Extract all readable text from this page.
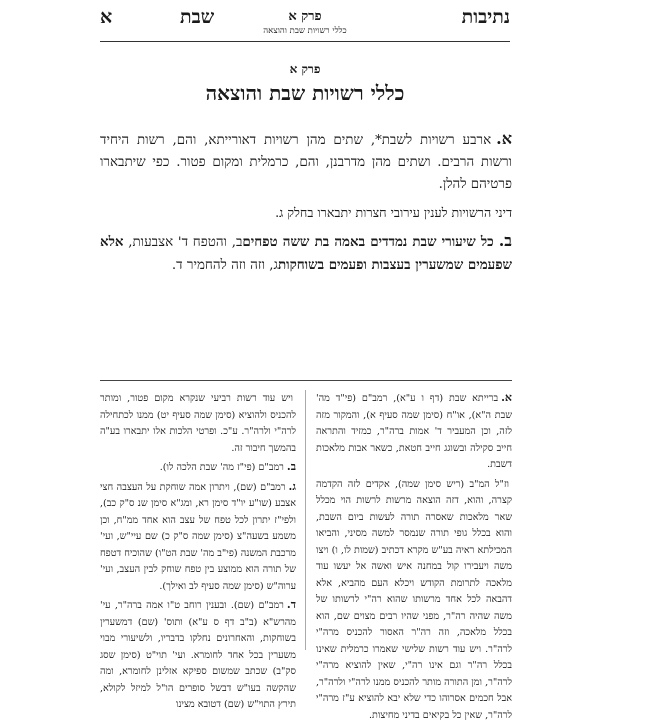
נתיבות
פרק א
כללי רשויות שבת והוצאה
שבת
א
פרק א
כללי רשויות שבת והוצאה

א.ארבע רשויות לשבת*, שתים מהן רשויות דאורייתא, והם, רשות היחיד ורשות הרבים. ושתים מהן מדרבנן, והם, כרמלית ומקום פטור. כפי שיתבארו פרטיהם להלן.

דיני הרשויות לענין עירובי חצרות יתבארו בחלק ג.

ב.כל שיעורי שבת נמדדים באמה בת ששה טפחיםב, והטפח ד' אצבעות, אלא שפעמים שמשערין בעצבות ופעמים בשוחקותג, וזה וזה להחמיר ד.

א.ברייתא שבת (דף ו ע"א), רמב"ם (פי"ד מה' שבת ה"א), או"ח (סימן שמה סעיף א), והמקור מזה לזה, וכן המעביר ד' אמות ברה"ר, כמזיד והתראה חייב סקילה ובשוגג חייב חטאת, כשאר אבות מלאכות דשבת.

וז"ל המ"ב (ריש סימן שמה), אקדים לזה הקדמה קצרה, והוא, דזה הוצאה מרשות לרשות הוי מכלל שאר מלאכות שאסרה תורה לעשות ביום השבת, והוא בכלל גופי תורה שנמסר למשה מסיני, והביאו המכילתא ראיה בע"ש מקרא דכתיב (שמות לו, ו) ויצו משה ויעבירו קול במחנה איש ואשה אל יעשו עוד מלאכה לתרומת הקודש ויכלא העם מהביא, אלא דהבאה לכל אחד מרשותו שהוא רה"י לרשותו של משה שהיה רה"ר, מפני שהיו רבים מצוים שם, הוא בכלל מלאכה, וזה רה"ר האסור להכניס מרה"י לרה"ר. ויש עוד רשות שלישי שאמרו כרמלית שאינו בכלל רה"ר וגם אינו רה"י, שאין להוציא מרה"י לרה"ר, ומן התורה מותר להכניס ממנו לרה"י ולרה"ר, אבל חכמים אסרוהו כדי שלא יבא להוציא ע"ז מרה"י לרה"ר, שאין כל בקיאים בדיני מחיצות.

ויש עוד רשות רביעי שנקרא מקום פטור, ומותר להכניס ולהוציא (סימן שמה סעיף יט) ממנו לכתחילה לרה"י ולרה"ר. ע"כ. ופרטי הלכות אלו יתבארו בע"ה בהמשך חיבור זה.

ב.רמב"ם (פי"ז מה' שבת הלכה לו).

ג.רמב"ם (שם), ויתרון אמה שוחקת על העצבה חצי אצבע (שו"ע יו"ד סימן רא, ומג"א סימן שנ ס"ק כב), ולפי"ז יתרון לכל טפח של עצב הוא אחד ממ"ח, וכן משמע בשעה"צ (סימן שמה ס"ק כ) שם עיי"ש, ועי' מרכבת המשנה (פי"ב מה' שבת הט"ו) שהוכיח דטפח של תורה הוא ממוצע בין טפח שוחק לבין העצב, ועי' ערוה"ש (סימן שמה סעיף לב ואילך).

ד.רמב"ם (שם). ובענין רוחב ט"ו אמה ברה"ר, עי' מהרש"א (ב"ב דף ס ע"א) ותוס' (שם) דמשערין בשוחקות, והאחרונים נחלקו בדבריו, ולשיעורי מבוי משערין בכל אחד לחומרא. ועי' תוי"ט (סימן שסג סק"ב) שכתב שמשום ספיקא אזלינן לחומרא, ומה שהקשה בעו"ש דבשל סופרים הו"ל למיזל לקולא, תירץ התוי"ש (שם) דטובא מצינו
